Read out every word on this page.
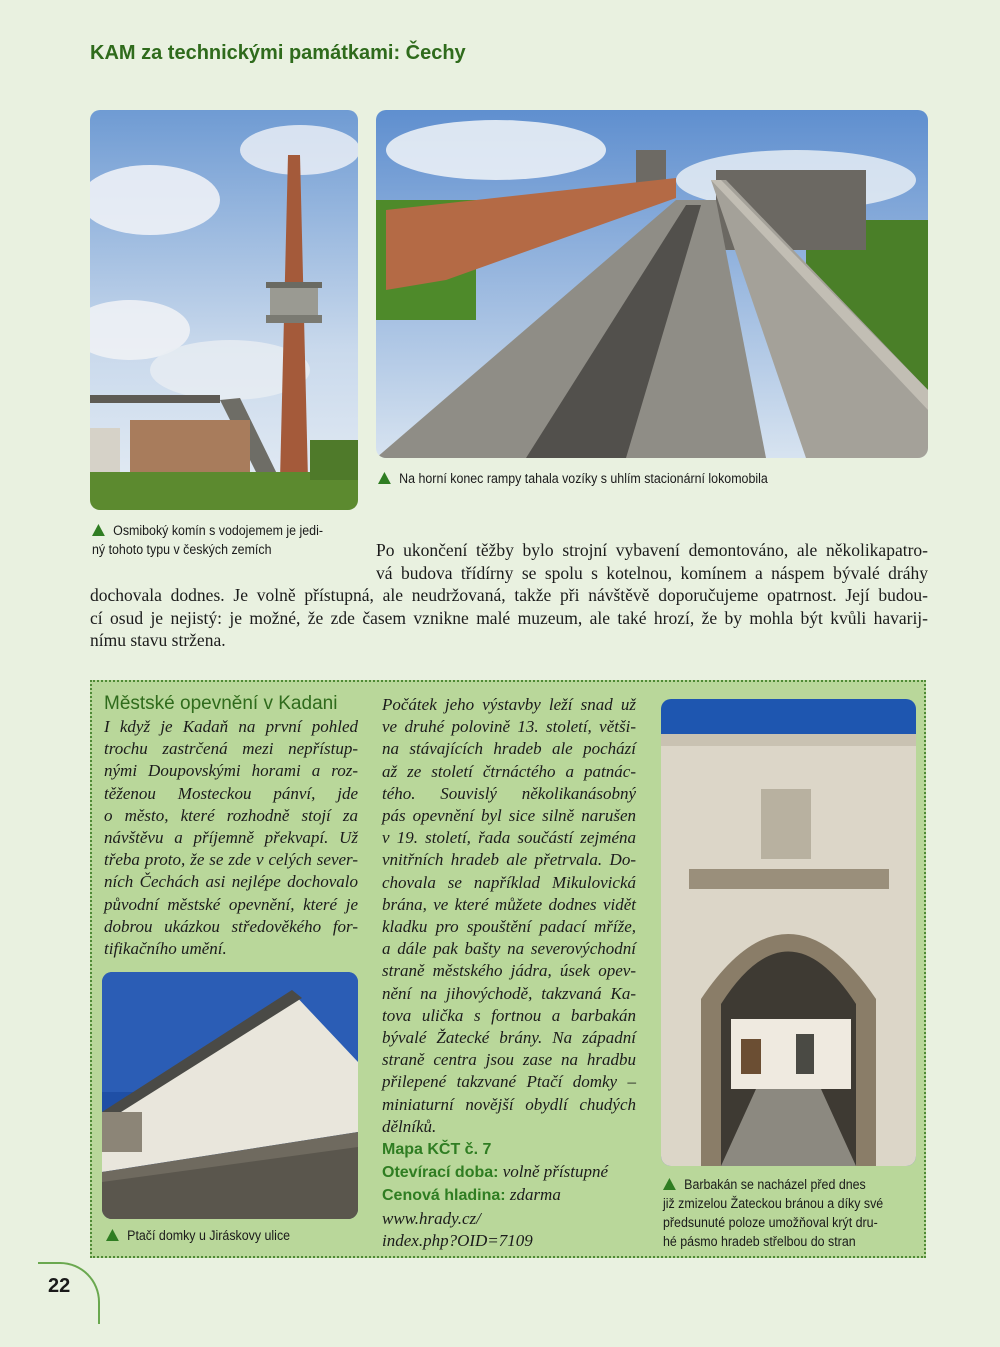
KAM za technickými památkami: Čechy
Na horní konec rampy tahala vozíky s uhlím stacionární lokomobila
Osmiboký komín s vodojemem je jedi-
ný tohoto typu v českých zemích	Po ukončení těžby bylo strojní vybavení demontováno, ale několikapatro-
vá budova třídírny se spolu s kotelnou, komínem a náspem bývalé dráhy
dochovala dodnes. Je volně přístupná, ale neudržovaná, takže při návštěvě doporučujeme opatrnost. Její budou-
cí osud je nejistý: je možné, že zde časem vznikne malé muzeum, ale také hrozí, že by mohla být kvůli havarij-
nímu stavu stržena.
Městské opevnění v Kadani
I když je Kadaň na první pohled
trochu zastrčená mezi nepřístup-
nými Doupovskými horami a roz-
těženou Mosteckou pánví, jde
o město, které rozhodně stojí za
návštěvu a příjemně překvapí. Už
třeba proto, že se zde v celých sever-
ních Čechách asi nejlépe dochovalo
původní městské opevnění, které je
dobrou ukázkou středověkého for-
tifikačního umění.
Ptačí domky u Jiráskovy ulice
Počátek jeho výstavby leží snad už
ve druhé polovině 13. století, větši-
na stávajících hradeb ale pochází
až ze století čtrnáctého a patnác-
tého. Souvislý několikanásobný
pás opevnění byl sice silně narušen
v 19. století, řada součástí zejména
vnitřních hradeb ale přetrvala. Do-
chovala se například Mikulovická
brána, ve které můžete dodnes vidět
kladku pro spouštění padací mříže,
a dále pak bašty na severovýchodní
straně městského jádra, úsek opev-
nění na jihovýchodě, takzvaná Ka-
tova ulička s fortnou a barbakán
bývalé Žatecké brány. Na západní
straně centra jsou zase na hradbu
přilepené takzvané Ptačí domky –
miniaturní novější obydlí chudých
dělníků.
Mapa KČT č. 7
Otevírací doba: volně přístupné
Cenová hladina: zdarma
www.hrady.cz/
index.php?OID=7109
Barbakán se nacházel před dnes
již zmizelou Žateckou bránou a díky své
předsunuté poloze umožňoval krýt dru-
hé pásmo hradeb střelbou do stran
22
